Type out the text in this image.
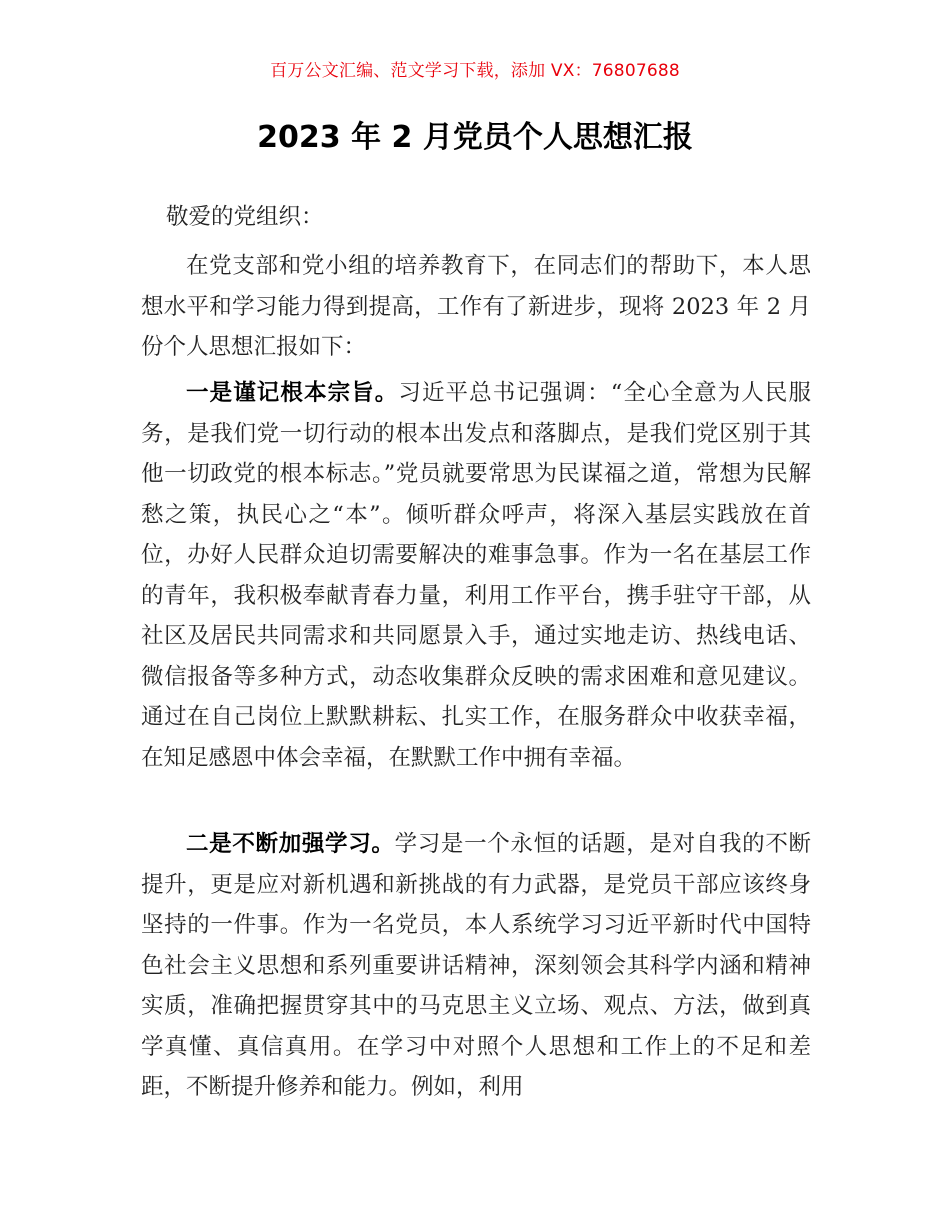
百万公文汇编、范文学习下载，添加 VX：76807688
2023 年 2 月党员个人思想汇报
敬爱的党组织：

在党支部和党小组的培养教育下，在同志们的帮助下，本人思想水平和学习能力得到提高，工作有了新进步，现将 2023 年 2 月份个人思想汇报如下：

一是谨记根本宗旨。习近平总书记强调：“全心全意为人民服务，是我们党一切行动的根本出发点和落脚点，是我们党区别于其他一切政党的根本标志。”党员就要常思为民谋福之道，常想为民解愁之策，执民心之“本”。倾听群众呼声，将深入基层实践放在首位，办好人民群众迫切需要解决的难事急事。作为一名在基层工作的青年，我积极奉献青春力量，利用工作平台，携手驻守干部，从社区及居民共同需求和共同愿景入手，通过实地走访、热线电话、微信报备等多种方式，动态收集群众反映的需求困难和意见建议。通过在自己岗位上默默耕耘、扎实工作，在服务群众中收获幸福，在知足感恩中体会幸福，在默默工作中拥有幸福。

二是不断加强学习。学习是一个永恒的话题，是对自我的不断提升，更是应对新机遇和新挑战的有力武器，是党员干部应该终身坚持的一件事。作为一名党员，本人系统学习习近平新时代中国特色社会主义思想和系列重要讲话精神，深刻领会其科学内涵和精神实质，准确把握贯穿其中的马克思主义立场、观点、方法，做到真学真懂、真信真用。在学习中对照个人思想和工作上的不足和差距，不断提升修养和能力。例如，利用
